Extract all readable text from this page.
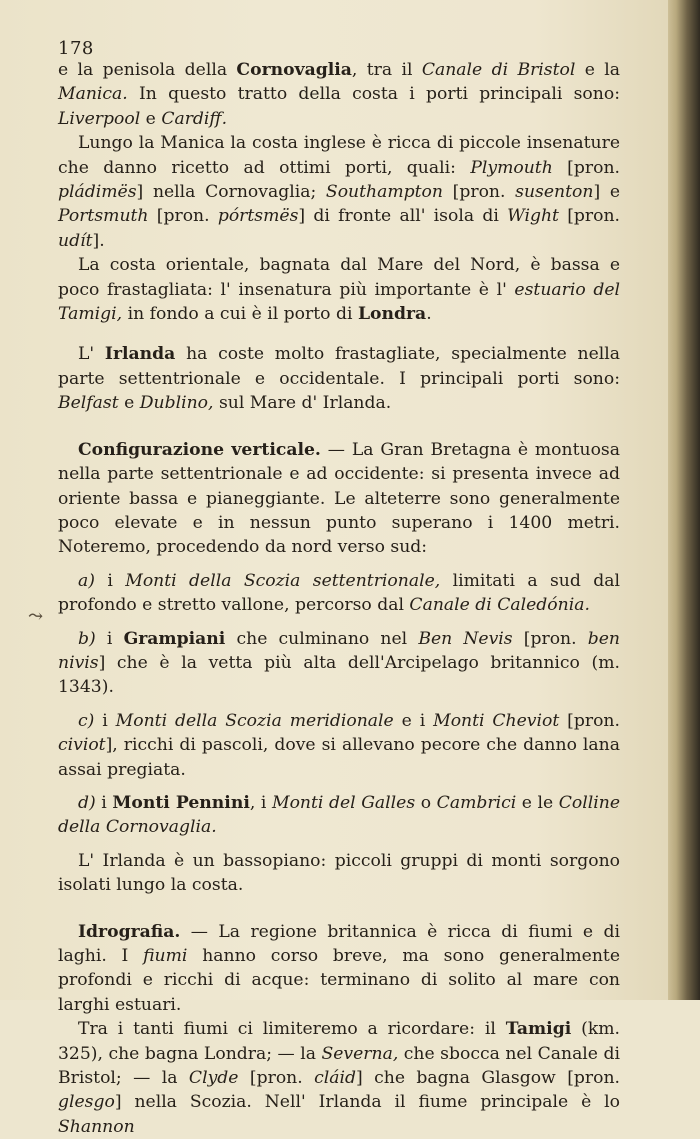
178
⤳

e la penisola della Cornovaglia, tra il Canale di Bristol e la Manica. In questo tratto della costa i porti principali sono: Liverpool e Cardiff.

Lungo la Manica la costa inglese è ricca di piccole insenature che danno ricetto ad ottimi porti, quali: Plymouth [pron. pládimës] nella Cornovaglia; Southampton [pron. susenton] e Portsmuth [pron. pórtsmës] di fronte all' isola di Wight [pron. udít].

La costa orientale, bagnata dal Mare del Nord, è bassa e poco frastagliata: l' insenatura più importante è l' estuario del Tamigi, in fondo a cui è il porto di Londra.

L' Irlanda ha coste molto frastagliate, specialmente nella parte settentrionale e occidentale. I principali porti sono: Belfast e Dublino, sul Mare d' Irlanda.

Configurazione verticale. — La Gran Bretagna è montuosa nella parte settentrionale e ad occidente: si presenta invece ad oriente bassa e pianeggiante. Le alteterre sono generalmente poco elevate e in nessun punto superano i 1400 metri. Noteremo, procedendo da nord verso sud:

a) i Monti della Scozia settentrionale, limitati a sud dal profondo e stretto vallone, percorso dal Canale di Caledónia.

b) i Grampiani che culminano nel Ben Nevis [pron. ben nivis] che è la vetta più alta dell'Arcipelago britannico (m. 1343).

c) i Monti della Scozia meridionale e i Monti Cheviot [pron. civiot], ricchi di pascoli, dove si allevano pecore che danno lana assai pregiata.

d) i Monti Pennini, i Monti del Galles o Cambrici e le Colline della Cornovaglia.

L' Irlanda è un bassopiano: piccoli gruppi di monti sorgono isolati lungo la costa.

Idrografia. — La regione britannica è ricca di fiumi e di laghi. I fiumi hanno corso breve, ma sono generalmente profondi e ricchi di acque: terminano di solito al mare con larghi estuari.

Tra i tanti fiumi ci limiteremo a ricordare: il Tamigi (km. 325), che bagna Londra; — la Severna, che sbocca nel Canale di Bristol; — la Clyde [pron. cláid] che bagna Glasgow [pron. glesgo] nella Scozia. Nell' Irlanda il fiume principale è lo Shannon
